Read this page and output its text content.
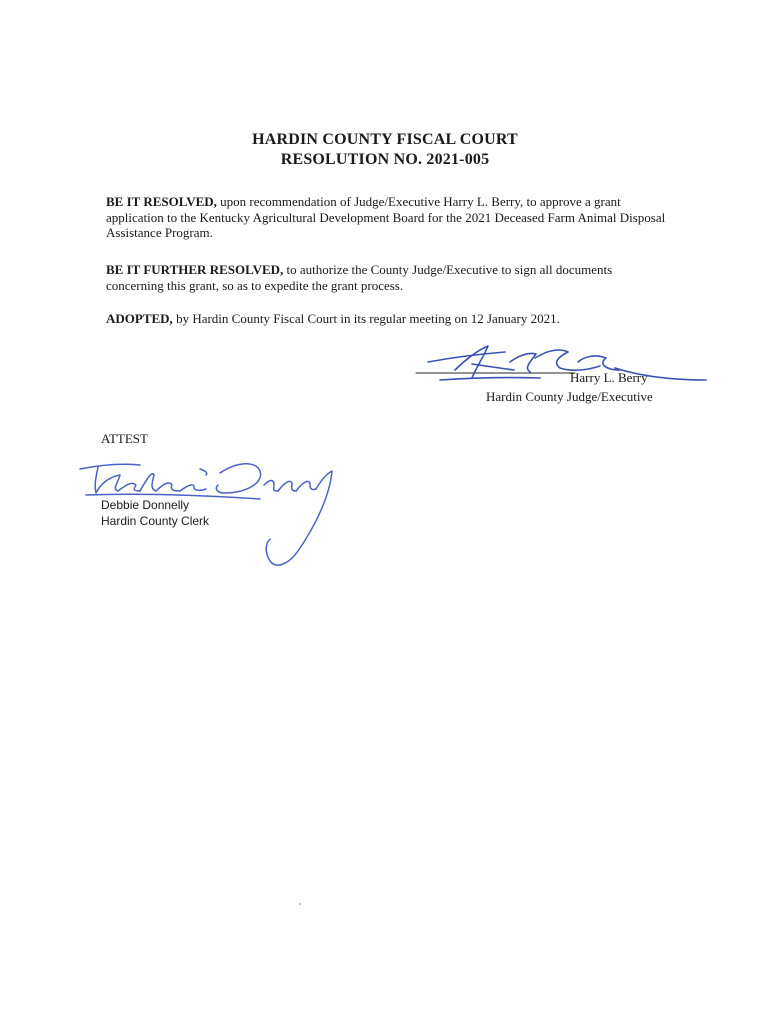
HARDIN COUNTY FISCAL COURT
RESOLUTION NO. 2021-005

BE IT RESOLVED, upon recommendation of Judge/Executive Harry L. Berry, to approve a grant application to the Kentucky Agricultural Development Board for the 2021 Deceased Farm Animal Disposal Assistance Program.

BE IT FURTHER RESOLVED, to authorize the County Judge/Executive to sign all documents concerning this grant, so as to expedite the grant process.

ADOPTED, by Hardin County Fiscal Court in its regular meeting on 12 January 2021.

Harry L. Berry
Hardin County Judge/Executive
ATTEST
Debbie Donnelly
Hardin County Clerk
